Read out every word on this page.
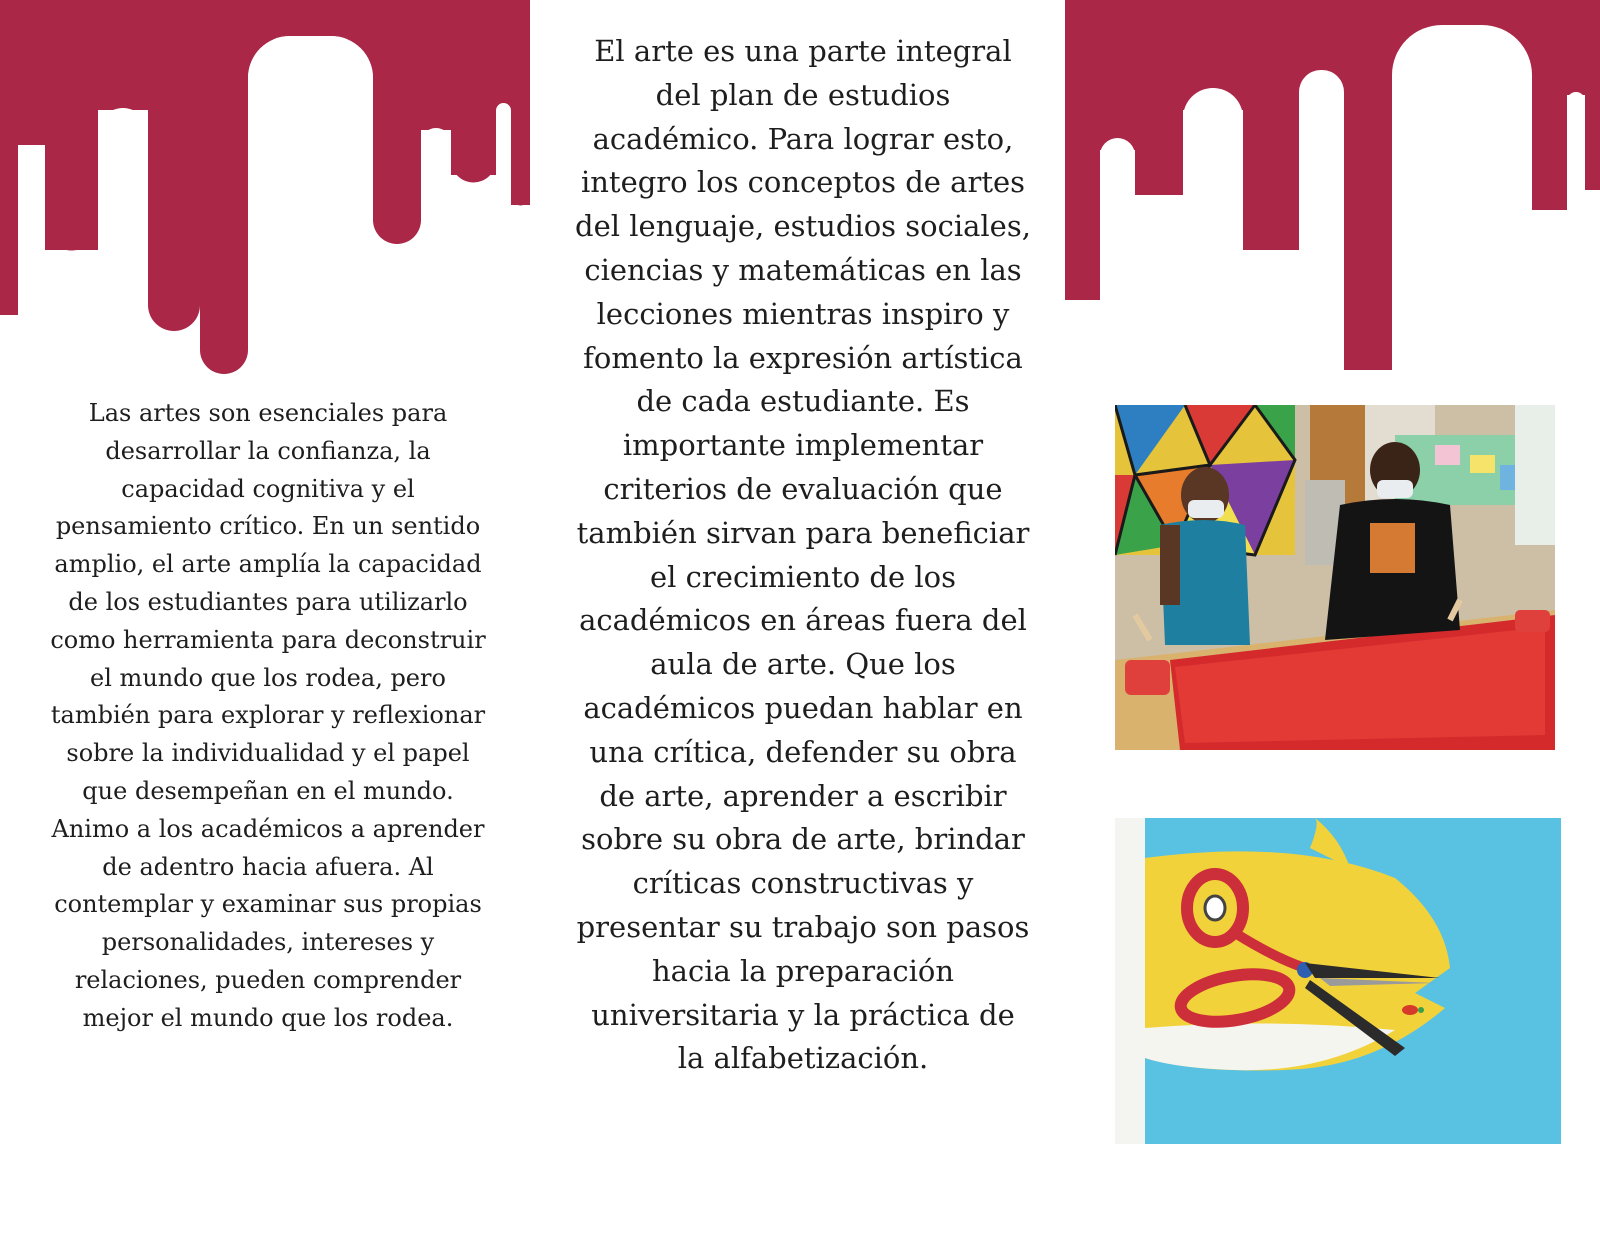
Las artes son esenciales para desarrollar la confianza, la capacidad cognitiva y el pensamiento crítico. En un sentido amplio, el arte amplía la capacidad de los estudiantes para utilizarlo como herramienta para deconstruir el mundo que los rodea, pero también para explorar y reflexionar sobre la individualidad y el papel que desempeñan en el mundo. Animo a los académicos a aprender de adentro hacia afuera. Al contemplar y examinar sus propias personalidades, intereses y relaciones, pueden comprender mejor el mundo que los rodea.

El arte es una parte integral del plan de estudios académico. Para lograr esto, integro los conceptos de artes del lenguaje, estudios sociales, ciencias y matemáticas en las lecciones mientras inspiro y fomento la expresión artística de cada estudiante. Es importante implementar criterios de evaluación que también sirvan para beneficiar el crecimiento de los académicos en áreas fuera del aula de arte. Que los académicos puedan hablar en una crítica, defender su obra de arte, aprender a escribir sobre su obra de arte, brindar críticas constructivas y presentar su trabajo son pasos hacia la preparación universitaria y la práctica de la alfabetización.
